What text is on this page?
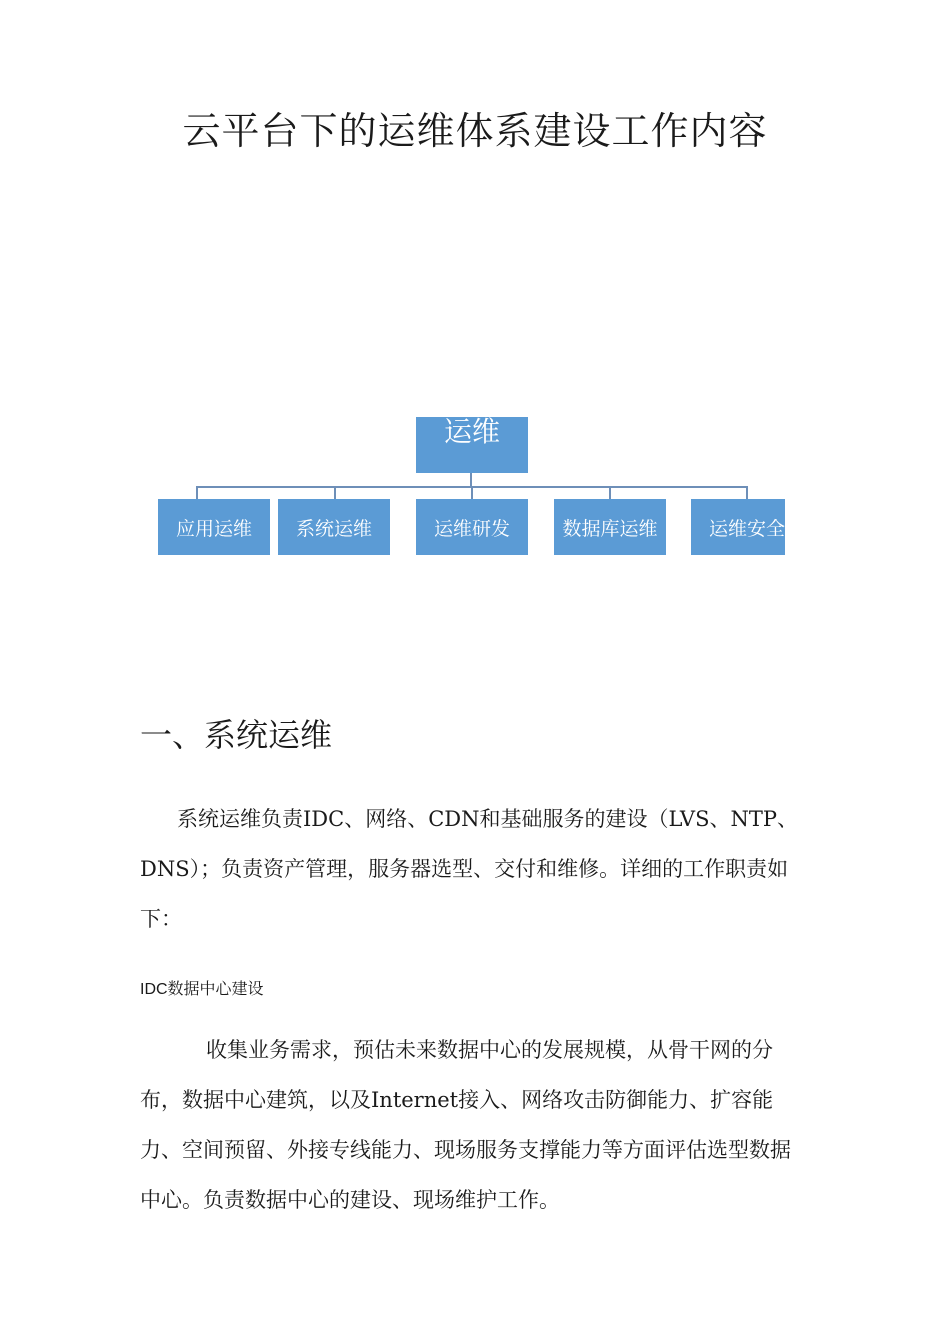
云平台下的运维体系建设工作内容
运维
应用运维	系统运维	运维研发	数据库运维	运维安全
一、系统运维

系统运维负责IDC、网络、CDN和基础服务的建设（LVS、NTP、DNS）；负责资产管理，服务器选型、交付和维修。详细的工作职责如下：

IDC数据中心建设

收集业务需求，预估未来数据中心的发展规模，从骨干网的分布，数据中心建筑，以及Internet接入、网络攻击防御能力、扩容能力、空间预留、外接专线能力、现场服务支撑能力等方面评估选型数据中心。负责数据中心的建设、现场维护工作。
